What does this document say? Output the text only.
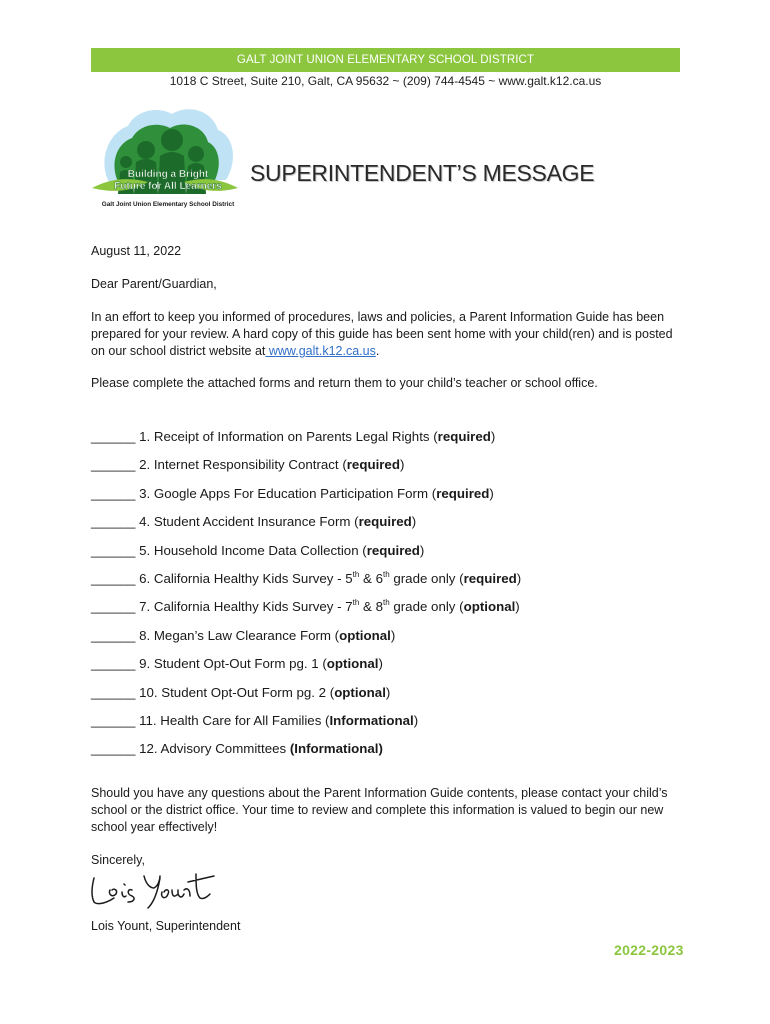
GALT JOINT UNION ELEMENTARY SCHOOL DISTRICT
1018 C Street, Suite 210, Galt, CA 95632 ~ (209) 744-4545 ~ www.galt.k12.ca.us
Building a Bright
Future for All Learners
Galt Joint Union Elementary School District
SUPERINTENDENT’S MESSAGE
August 11, 2022
Dear Parent/Guardian,
In an effort to keep you informed of procedures, laws and policies, a Parent Information Guide has been prepared for your review. A hard copy of this guide has been sent home with your child(ren) and is posted on our school district website at www.galt.k12.ca.us.
Please complete the attached forms and return them to your child’s teacher or school office.
______ 1. Receipt of Information on Parents Legal Rights (required)
______ 2. Internet Responsibility Contract (required)
______ 3. Google Apps For Education Participation Form (required)
______ 4. Student Accident Insurance Form (required)
______ 5. Household Income Data Collection (required)
______ 6. California Healthy Kids Survey - 5th & 6th grade only (required)
______ 7. California Healthy Kids Survey - 7th & 8th grade only (optional)
______ 8. Megan’s Law Clearance Form (optional)
______ 9. Student Opt-Out Form pg. 1 (optional)
______ 10. Student Opt-Out Form pg. 2 (optional)
______ 11. Health Care for All Families (Informational)
______ 12. Advisory Committees (Informational)
Should you have any questions about the Parent Information Guide contents, please contact your child’s school or the district office. Your time to review and complete this information is valued to begin our new school year effectively!
Sincerely,
Lois Yount, Superintendent
2022-2023
